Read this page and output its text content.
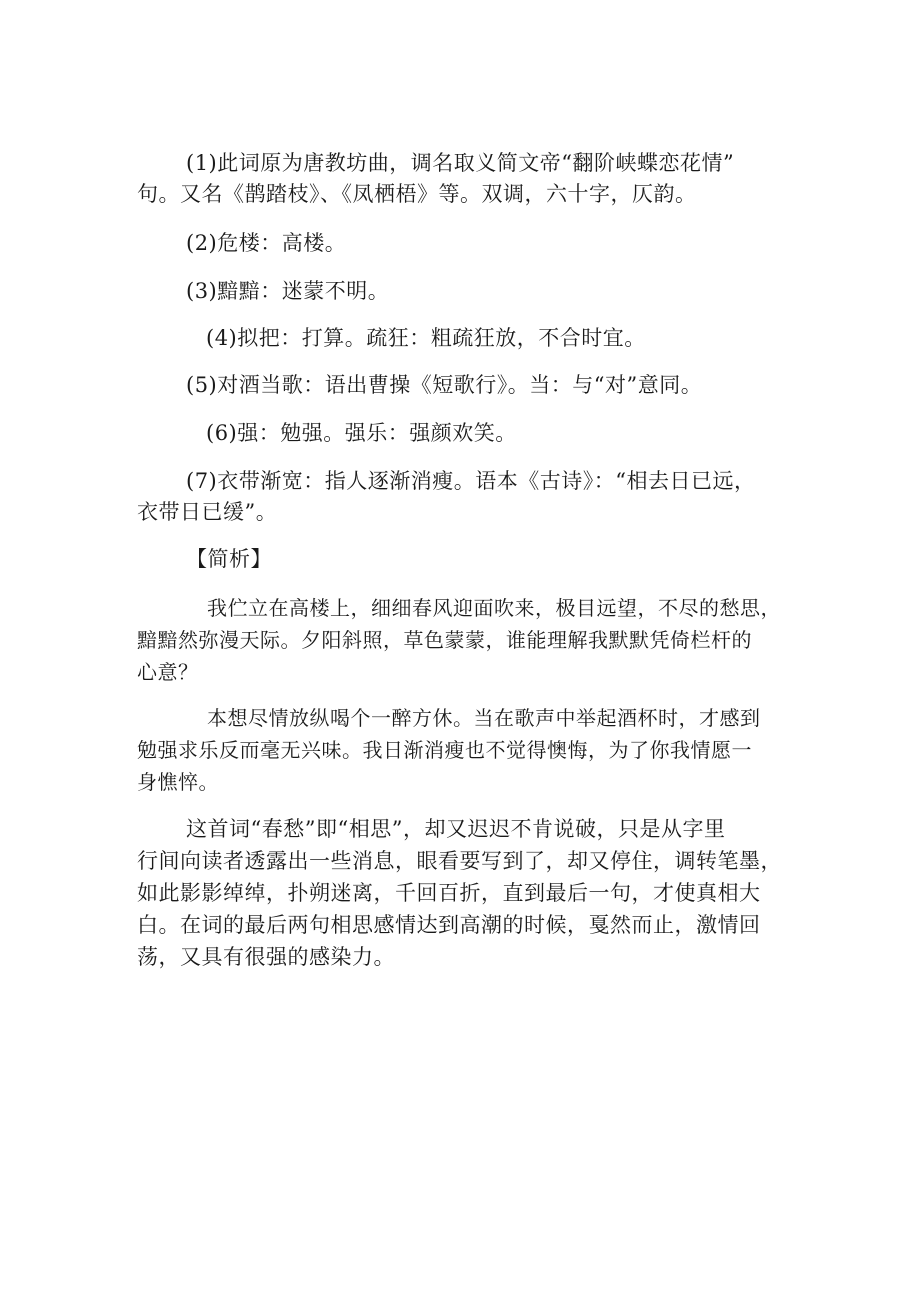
(1)此词原为唐教坊曲，调名取义简文帝“翻阶峡蝶恋花情”
句。又名《鹊踏枝》、《凤栖梧》等。双调，六十字，仄韵。
(2)危楼：高楼。
(3)黯黯：迷蒙不明。
(4)拟把：打算。疏狂：粗疏狂放，不合时宜。
(5)对酒当歌：语出曹操《短歌行》。当：与“对”意同。
(6)强：勉强。强乐：强颜欢笑。
(7)衣带渐宽：指人逐渐消瘦。语本《古诗》：“相去日已远，
衣带日已缓”。
【简析】
我伫立在高楼上，细细春风迎面吹来，极目远望，不尽的愁思，
黯黯然弥漫天际。夕阳斜照，草色蒙蒙，谁能理解我默默凭倚栏杆的
心意？
本想尽情放纵喝个一醉方休。当在歌声中举起酒杯时，才感到
勉强求乐反而毫无兴味。我日渐消瘦也不觉得懊悔，为了你我情愿一
身憔悴。
这首词“春愁”即“相思”，却又迟迟不肯说破，只是从字里
行间向读者透露出一些消息，眼看要写到了，却又停住，调转笔墨，
如此影影绰绰，扑朔迷离，千回百折，直到最后一句，才使真相大
白。在词的最后两句相思感情达到高潮的时候，戛然而止，激情回
荡，又具有很强的感染力。
